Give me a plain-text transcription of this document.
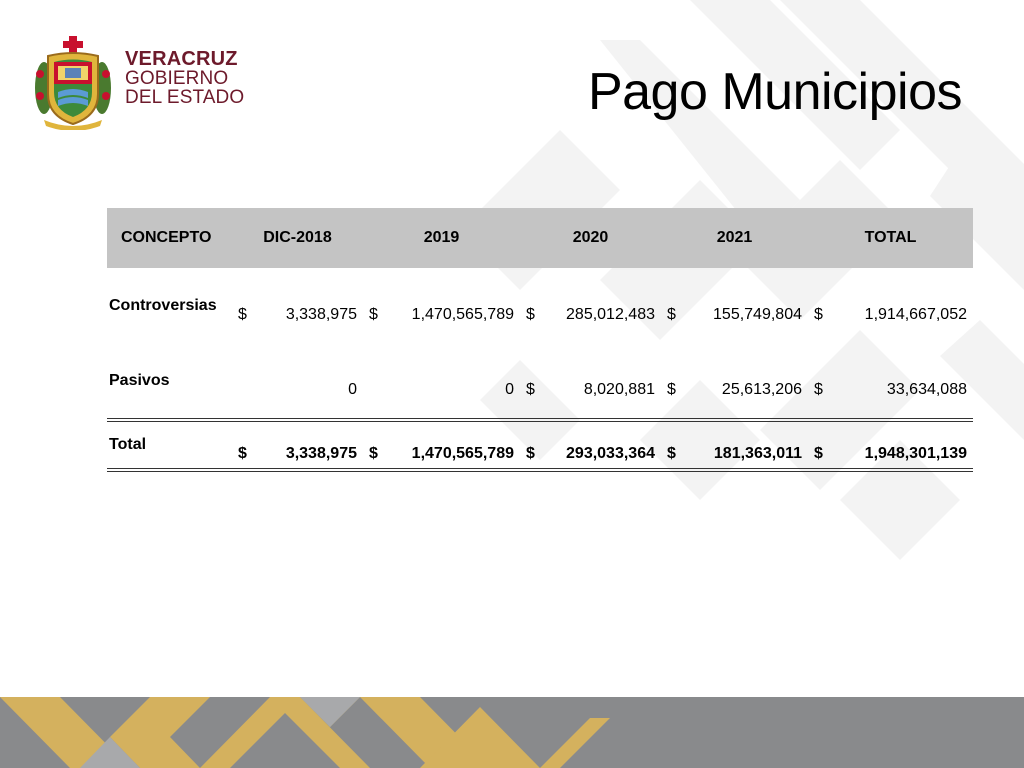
VERACRUZ
GOBIERNO
DEL ESTADO	Pago Municipios
CONCEPTO	DIC-2018	2019	2020	2021	TOTAL
Controversias	$ 3,338,975	$ 1,470,565,789	$ 285,012,483	$ 155,749,804	$ 1,914,667,052

Pasivos	0	0	$ 8,020,881	$ 25,613,206	$ 33,634,088

Total	$ 3,338,975	$ 1,470,565,789	$ 293,033,364	$ 181,363,011	$ 1,948,301,139
